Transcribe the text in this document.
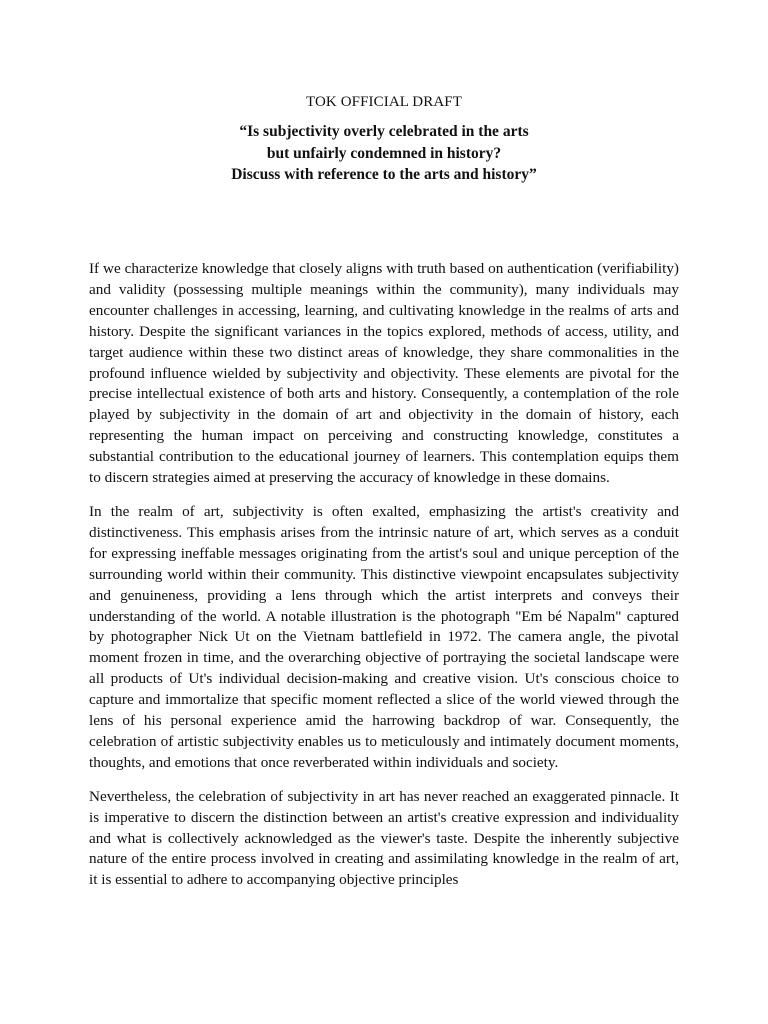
TOK OFFICIAL DRAFT
“Is subjectivity overly celebrated in the arts
but unfairly condemned in history?
Discuss with reference to the arts and history”

If we characterize knowledge that closely aligns with truth based on authentication (verifiability) and validity (possessing multiple meanings within the community), many individuals may encounter challenges in accessing, learning, and cultivating knowledge in the realms of arts and history. Despite the significant variances in the topics explored, methods of access, utility, and target audience within these two distinct areas of knowledge, they share commonalities in the profound influence wielded by subjectivity and objectivity. These elements are pivotal for the precise intellectual existence of both arts and history. Consequently, a contemplation of the role played by subjectivity in the domain of art and objectivity in the domain of history, each representing the human impact on perceiving and constructing knowledge, constitutes a substantial contribution to the educational journey of learners. This contemplation equips them to discern strategies aimed at preserving the accuracy of knowledge in these domains.

In the realm of art, subjectivity is often exalted, emphasizing the artist's creativity and distinctiveness. This emphasis arises from the intrinsic nature of art, which serves as a conduit for expressing ineffable messages originating from the artist's soul and unique perception of the surrounding world within their community. This distinctive viewpoint encapsulates subjectivity and genuineness, providing a lens through which the artist interprets and conveys their understanding of the world. A notable illustration is the photograph "Em bé Napalm" captured by photographer Nick Ut on the Vietnam battlefield in 1972. The camera angle, the pivotal moment frozen in time, and the overarching objective of portraying the societal landscape were all products of Ut's individual decision-making and creative vision. Ut's conscious choice to capture and immortalize that specific moment reflected a slice of the world viewed through the lens of his personal experience amid the harrowing backdrop of war. Consequently, the celebration of artistic subjectivity enables us to meticulously and intimately document moments, thoughts, and emotions that once reverberated within individuals and society.

Nevertheless, the celebration of subjectivity in art has never reached an exaggerated pinnacle. It is imperative to discern the distinction between an artist's creative expression and individuality and what is collectively acknowledged as the viewer's taste. Despite the inherently subjective nature of the entire process involved in creating and assimilating knowledge in the realm of art, it is essential to adhere to accompanying objective principles
